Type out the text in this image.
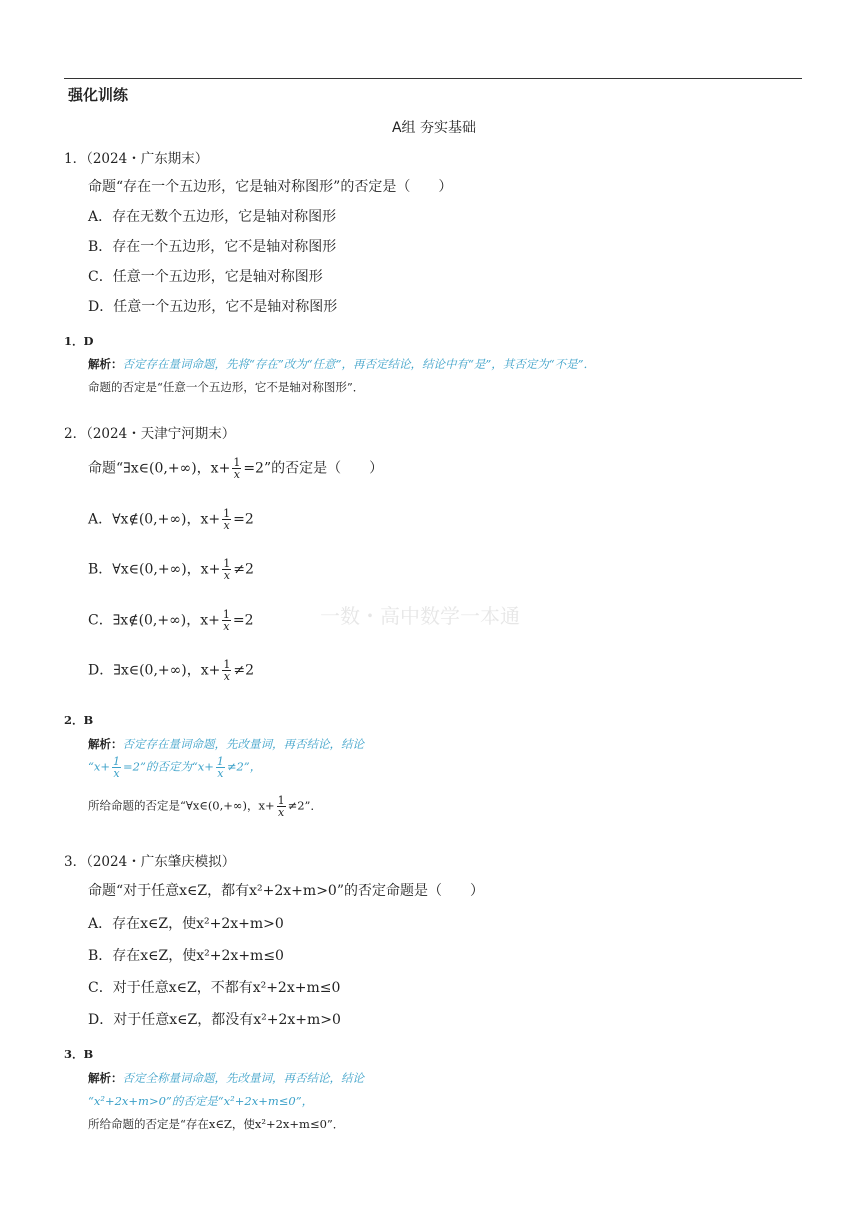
强化训练
A组 夯实基础
一数・高中数学一本通
1．（2024・广东期末）
命题“存在一个五边形，它是轴对称图形”的否定是（　　）
A．存在无数个五边形，它是轴对称图形
B．存在一个五边形，它不是轴对称图形
C．任意一个五边形，它是轴对称图形
D．任意一个五边形，它不是轴对称图形
1．D
解析：否定存在量词命题，先将“存在”改为“任意”，再否定结论，结论中有“是”，其否定为“不是”．
命题的否定是“任意一个五边形，它不是轴对称图形”．
2．（2024・天津宁河期末）
命题“∃x∈(0,+∞)，$x+ \frac{1}{x} =2$”的否定是（　　）
A．∀x∉(0,+∞)，$x+ \frac{1}{x} =2$
B．∀x∈(0,+∞)，$x+ \frac{1}{x} \ne 2$
C．∃x∉(0,+∞)，$x+ \frac{1}{x} =2$
D．∃x∈(0,+∞)，$x+ \frac{1}{x} \ne 2$
2．B
解析：否定存在量词命题，先改量词，再否结论，结论
“$x+ \frac{1}{x} =2$”的否定为“$x+ \frac{1}{x} \ne 2$”，
所给命题的否定是“∀x∈(0,+∞)，$x+ \frac{1}{x} \ne 2$”．
3．（2024・广东肇庆模拟）
命题“对于任意x∈Z，都有x²+2x+m>0”的否定命题是（　　）
A．存在x∈Z，使x²+2x+m>0
B．存在x∈Z，使x²+2x+m≤0
C．对于任意x∈Z，不都有x²+2x+m≤0
D．对于任意x∈Z，都没有x²+2x+m>0
3．B
解析：否定全称量词命题，先改量词，再否结论，结论
“x²+2x+m>0”的否定是“x²+2x+m≤0”，
所给命题的否定是“存在x∈Z，使x²+2x+m≤0”．
